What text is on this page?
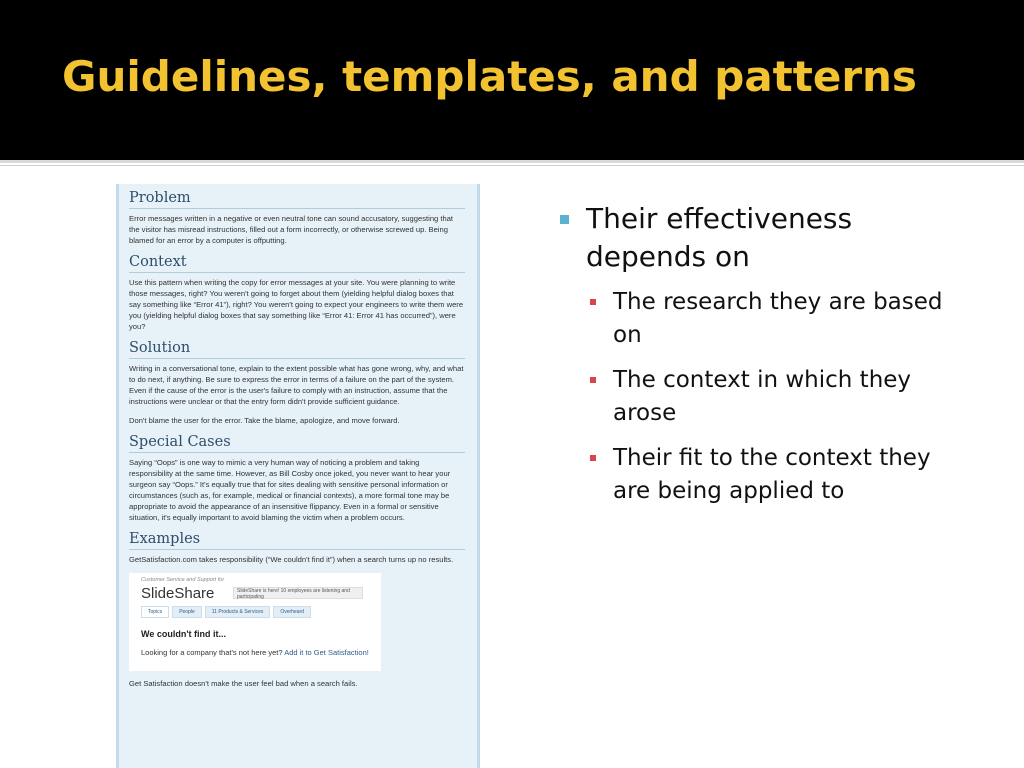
Guidelines, templates, and patterns
Problem
Error messages written in a negative or even neutral tone can sound accusatory, suggesting that the visitor has misread instructions, filled out a form incorrectly, or otherwise screwed up. Being blamed for an error by a computer is offputting.
Context
Use this pattern when writing the copy for error messages at your site. You were planning to write those messages, right? You weren't going to forget about them (yielding helpful dialog boxes that say something like “Error 41”), right? You weren't going to expect your engineers to write them were you (yielding helpful dialog boxes that say something like “Error 41: Error 41 has occurred”), were you?
Solution

Writing in a conversational tone, explain to the extent possible what has gone wrong, why, and what to do next, if anything. Be sure to express the error in terms of a failure on the part of the system. Even if the cause of the error is the user's failure to comply with an instruction, assume that the instructions were unclear or that the entry form didn't provide sufficient guidance.

Don't blame the user for the error. Take the blame, apologize, and move forward.

Special Cases
Saying “Oops” is one way to mimic a very human way of noticing a problem and taking responsibility at the same time. However, as Bill Cosby once joked, you never want to hear your surgeon say “Oops.” It's equally true that for sites dealing with sensitive personal information or circumstances (such as, for example, medical or financial contexts), a more formal tone may be appropriate to avoid the appearance of an insensitive flippancy. Even in a formal or sensitive situation, it's equally important to avoid blaming the victim when a problem occurs.
Examples
GetSatisfaction.com takes responsibility (“We couldn't find it”) when a search turns up no results.
Customer Service and Support for
SlideShare	SlideShare is here! 10 employees are listening and participating
Topics	People	11 Products & Services	Overheard
We couldn't find it...
Looking for a company that's not here yet? Add it to Get Satisfaction!
Get Satisfaction doesn't make the user feel bad when a search fails.
Their effectiveness depends on
The research they are based on
The context in which they arose
Their fit to the context they are being applied to
